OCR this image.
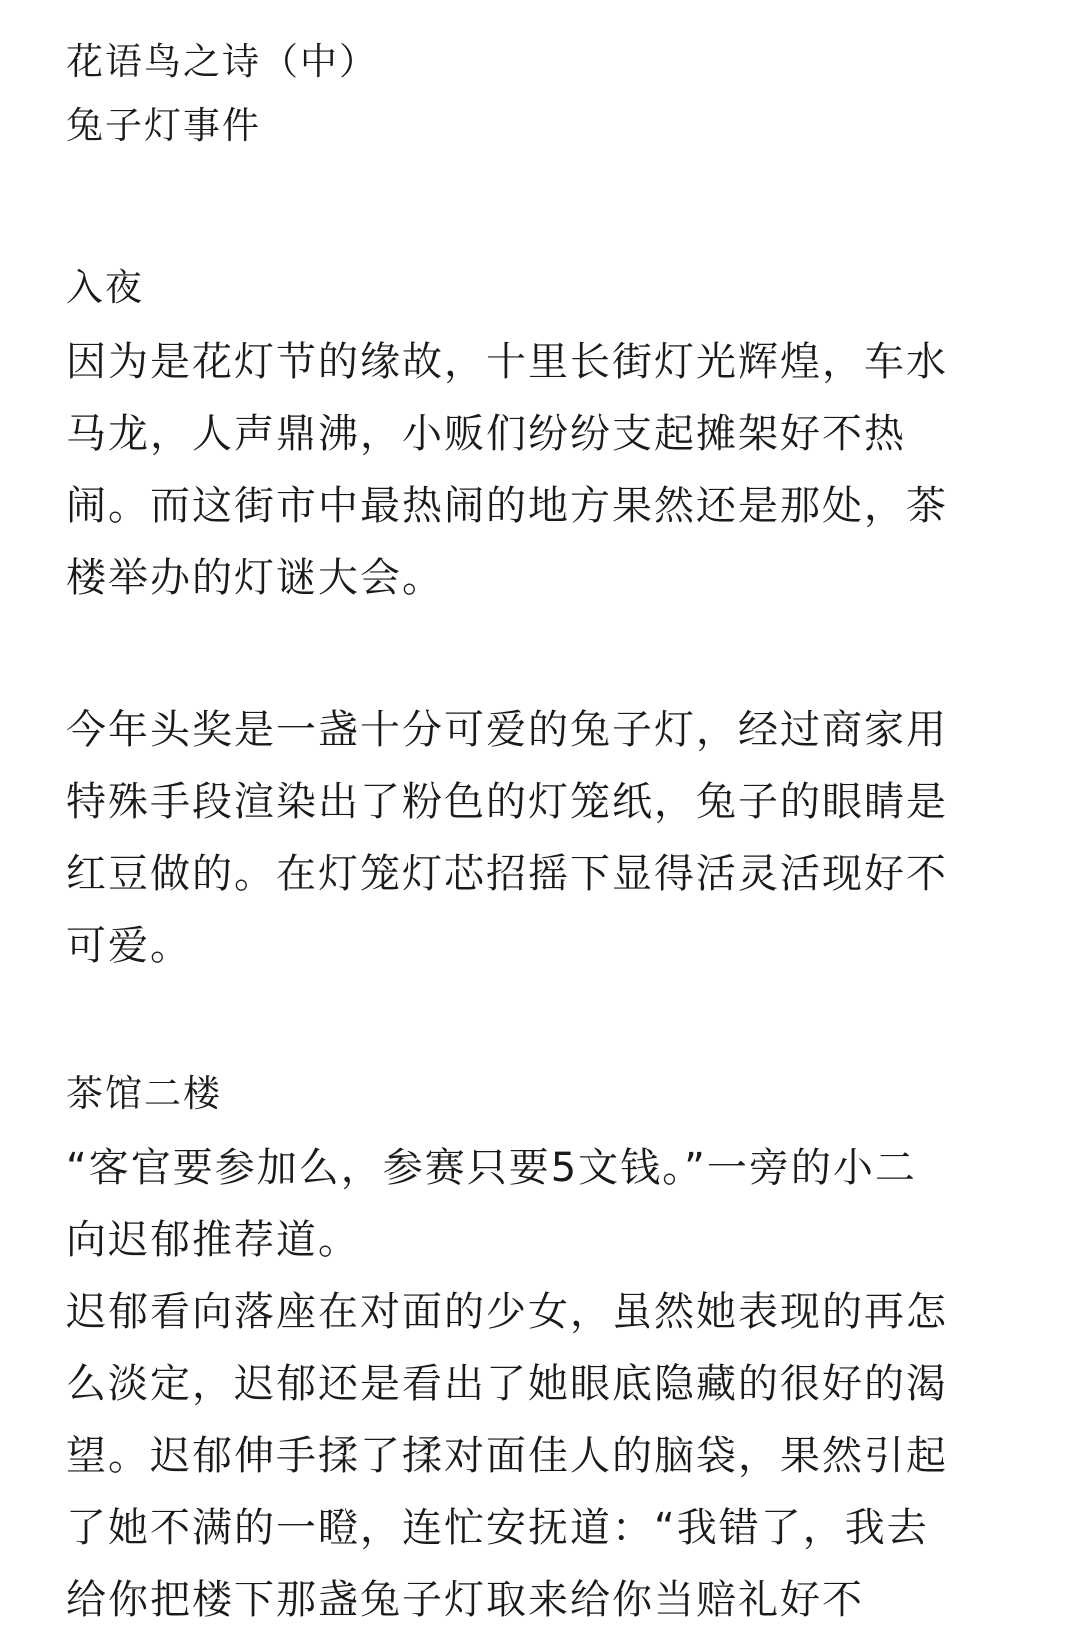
花语鸟之诗（中）
兔子灯事件
入夜
因为是花灯节的缘故，十里长街灯光辉煌，车水
马龙，人声鼎沸，小贩们纷纷支起摊架好不热
闹。而这街市中最热闹的地方果然还是那处，茶
楼举办的灯谜大会。
今年头奖是一盏十分可爱的兔子灯，经过商家用
特殊手段渲染出了粉色的灯笼纸，兔子的眼睛是
红豆做的。在灯笼灯芯招摇下显得活灵活现好不
可爱。
茶馆二楼
“客官要参加么，参赛只要5文钱。”一旁的小二
向迟郁推荐道。
迟郁看向落座在对面的少女，虽然她表现的再怎
么淡定，迟郁还是看出了她眼底隐藏的很好的渴
望。迟郁伸手揉了揉对面佳人的脑袋，果然引起
了她不满的一瞪，连忙安抚道：“我错了，我去
给你把楼下那盏兔子灯取来给你当赔礼好不
